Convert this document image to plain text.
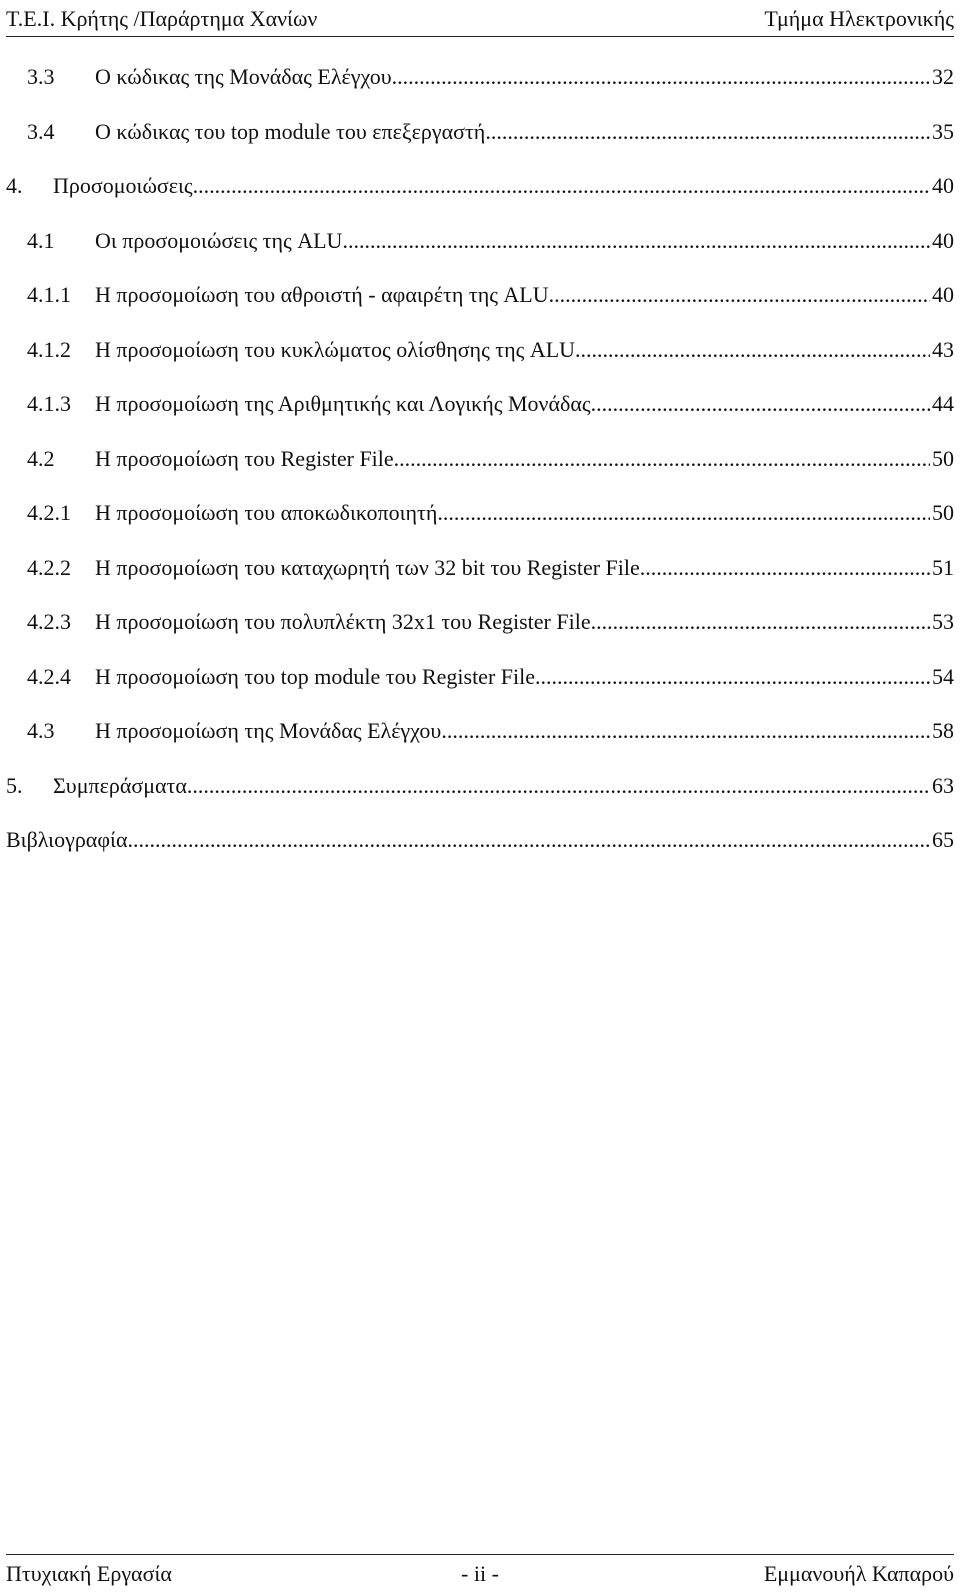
Τ.Ε.Ι. Κρήτης /Παράρτημα Χανίων	Τμήμα Ηλεκτρονικής
3.3	Ο κώδικας της Μονάδας Ελέγχου .....	32
3.4	Ο κώδικας του top module του επεξεργαστή .....	35
4.	Προσομοιώσεις .....	40
4.1	Οι προσομοιώσεις της ALU .....	40
4.1.1	Η προσομοίωση του αθροιστή - αφαιρέτη της ALU .....	40
4.1.2	Η προσομοίωση του κυκλώματος ολίσθησης της ALU .....	43
4.1.3	Η προσομοίωση της Αριθμητικής και Λογικής Μονάδας .....	44
4.2	Η προσομοίωση του Register File .....	50
4.2.1	Η προσομοίωση του αποκωδικοποιητή .....	50
4.2.2	Η προσομοίωση του καταχωρητή των 32 bit του Register File .....	51
4.2.3	Η προσομοίωση του πολυπλέκτη 32x1 του Register File .....	53
4.2.4	Η προσομοίωση του top module του Register File .....	54
4.3	Η προσομοίωση της Μονάδας Ελέγχου .....	58
5.	Συμπεράσματα .....	63
Βιβλιογραφία .....	65
Πτυχιακή Εργασία	- ii -	Εμμανουήλ Καπαρού
